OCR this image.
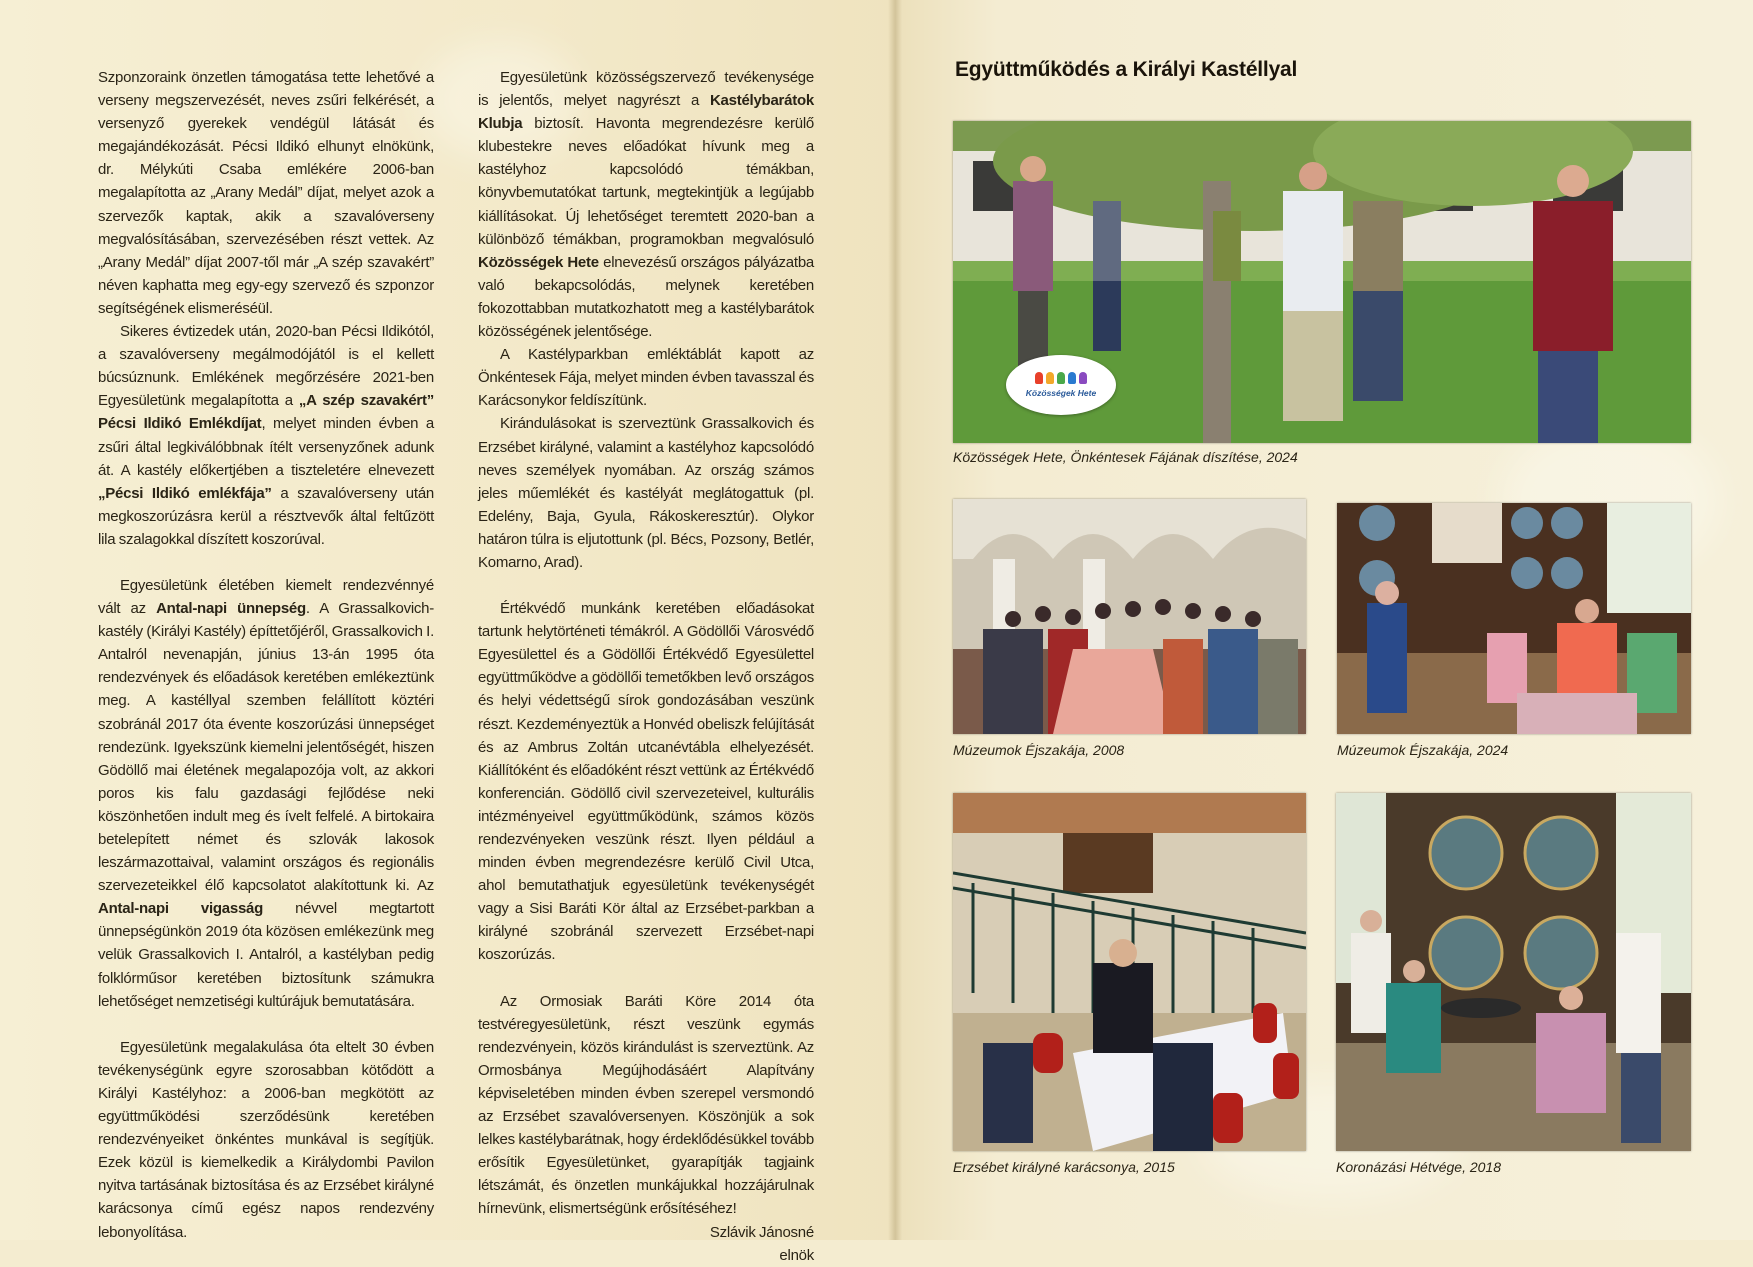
Szponzoraink önzetlen támogatása tette lehetővé a verseny megszervezését, neves zsűri felkérését, a versenyző gyerekek vendégül látását és megajándékozását. Pécsi Ildikó elhunyt elnökünk, dr. Mélykúti Csaba emlékére 2006-ban megalapította az „Arany Medál” díjat, melyet azok a szervezők kaptak, akik a szavalóverseny megvalósításában, szervezésében részt vettek. Az „Arany Medál” díjat 2007-től már „A szép szavakért” néven kaphatta meg egy-egy szervező és szponzor segítségének elismeréséül.

Sikeres évtizedek után, 2020-ban Pécsi Ildikótól, a szavalóverseny megálmodójától is el kellett búcsúznunk. Emlékének megőrzésére 2021-ben Egyesületünk megalapította a „A szép szavakért” Pécsi Ildikó Emlékdíjat, melyet minden évben a zsűri által legkiválóbbnak ítélt versenyzőnek adunk át. A kastély előkertjében a tiszteletére elnevezett „Pécsi Ildikó emlékfája” a szavalóverseny után megkoszorúzásra kerül a résztvevők által feltűzött lila szalagokkal díszített koszorúval.

Egyesületünk életében kiemelt rendezvénnyé vált az Antal-napi ünnepség. A Grassalkovich-kastély (Királyi Kastély) építtetőjéről, Grassalkovich I. Antalról nevenapján, június 13-án 1995 óta rendezvények és előadások keretében emlékeztünk meg. A kastéllyal szemben felállított köztéri szobránál 2017 óta évente koszorúzási ünnepséget rendezünk. Igyekszünk kiemelni jelentőségét, hiszen Gödöllő mai életének megalapozója volt, az akkori poros kis falu gazdasági fejlődése neki köszönhetően indult meg és ívelt felfelé. A birtokaira betelepített német és szlovák lakosok leszármazottaival, valamint országos és regionális szervezeteikkel élő kapcsolatot alakítottunk ki. Az Antal-napi vigasság névvel megtartott ünnepségünkön 2019 óta közösen emlékezünk meg velük Grassalkovich I. Antalról, a kastélyban pedig folklórműsor keretében biztosítunk számukra lehetőséget nemzetiségi kultúrájuk bemutatására.

Egyesületünk megalakulása óta eltelt 30 évben tevékenységünk egyre szorosabban kötődött a Királyi Kastélyhoz: a 2006-ban megkötött az együttműködési szerződésünk keretében rendezvényeiket önkéntes munkával is segítjük. Ezek közül is kiemelkedik a Királydombi Pavilon nyitva tartásának biztosítása és az Erzsébet királyné karácsonya című egész napos rendezvény lebonyolítása.

Egyesületünk közösségszervező tevékenysége is jelentős, melyet nagyrészt a Kastélybarátok Klubja biztosít. Havonta megrendezésre kerülő klubestekre neves előadókat hívunk meg a kastélyhoz kapcsolódó témákban, könyvbemutatókat tartunk, megtekintjük a legújabb kiállításokat. Új lehetőséget teremtett 2020-ban a különböző témákban, programokban megvalósuló Közösségek Hete elnevezésű országos pályázatba való bekapcsolódás, melynek keretében fokozottabban mutatkozhatott meg a kastélybarátok közösségének jelentősége.

A Kastélyparkban emléktáblát kapott az Önkéntesek Fája, melyet minden évben tavasszal és Karácsonykor feldíszítünk.

Kirándulásokat is szerveztünk Grassalkovich és Erzsébet királyné, valamint a kastélyhoz kapcsolódó neves személyek nyomában. Az ország számos jeles műemlékét és kastélyát meglátogattuk (pl. Edelény, Baja, Gyula, Rákoskeresztúr). Olykor határon túlra is eljutottunk (pl. Bécs, Pozsony, Betlér, Komarno, Arad).

Értékvédő munkánk keretében előadásokat tartunk helytörténeti témákról. A Gödöllői Városvédő Egyesülettel és a Gödöllői Értékvédő Egyesülettel együttműködve a gödöllői temetőkben levő országos és helyi védettségű sírok gondozásában veszünk részt. Kezdeményeztük a Honvéd obeliszk felújítását és az Ambrus Zoltán utcanévtábla elhelyezését. Kiállítóként és előadóként részt vettünk az Értékvédő konferencián. Gödöllő civil szervezeteivel, kulturális intézményeivel együttműködünk, számos közös rendezvényeken veszünk részt. Ilyen például a minden évben megrendezésre kerülő Civil Utca, ahol bemutathatjuk egyesületünk tevékenységét vagy a Sisi Baráti Kör által az Erzsébet-parkban a királyné szobránál szervezett Erzsébet-napi koszorúzás.

Az Ormosiak Baráti Köre 2014 óta testvéregyesületünk, részt veszünk egymás rendezvényein, közös kirándulást is szerveztünk. Az Ormosbánya Megújhodásáért Alapítvány képviseletében minden évben szerepel versmondó az Erzsébet szavalóversenyen. Köszönjük a sok lelkes kastélybarátnak, hogy érdeklődésükkel tovább erősítik Egyesületünket, gyarapítják tagjaink létszámát, és önzetlen munkájukkal hozzájárulnak hírnevünk, elismertségünk erősítéséhez!

Szlávik Jánosné

elnök

Együttműködés a Királyi Kastéllyal
Közösségek Hete
Közösségek Hete, Önkéntesek Fájának díszítése, 2024
Múzeumok Éjszakája, 2008	Múzeumok Éjszakája, 2024
Erzsébet királyné karácsonya, 2015	Koronázási Hétvége, 2018
